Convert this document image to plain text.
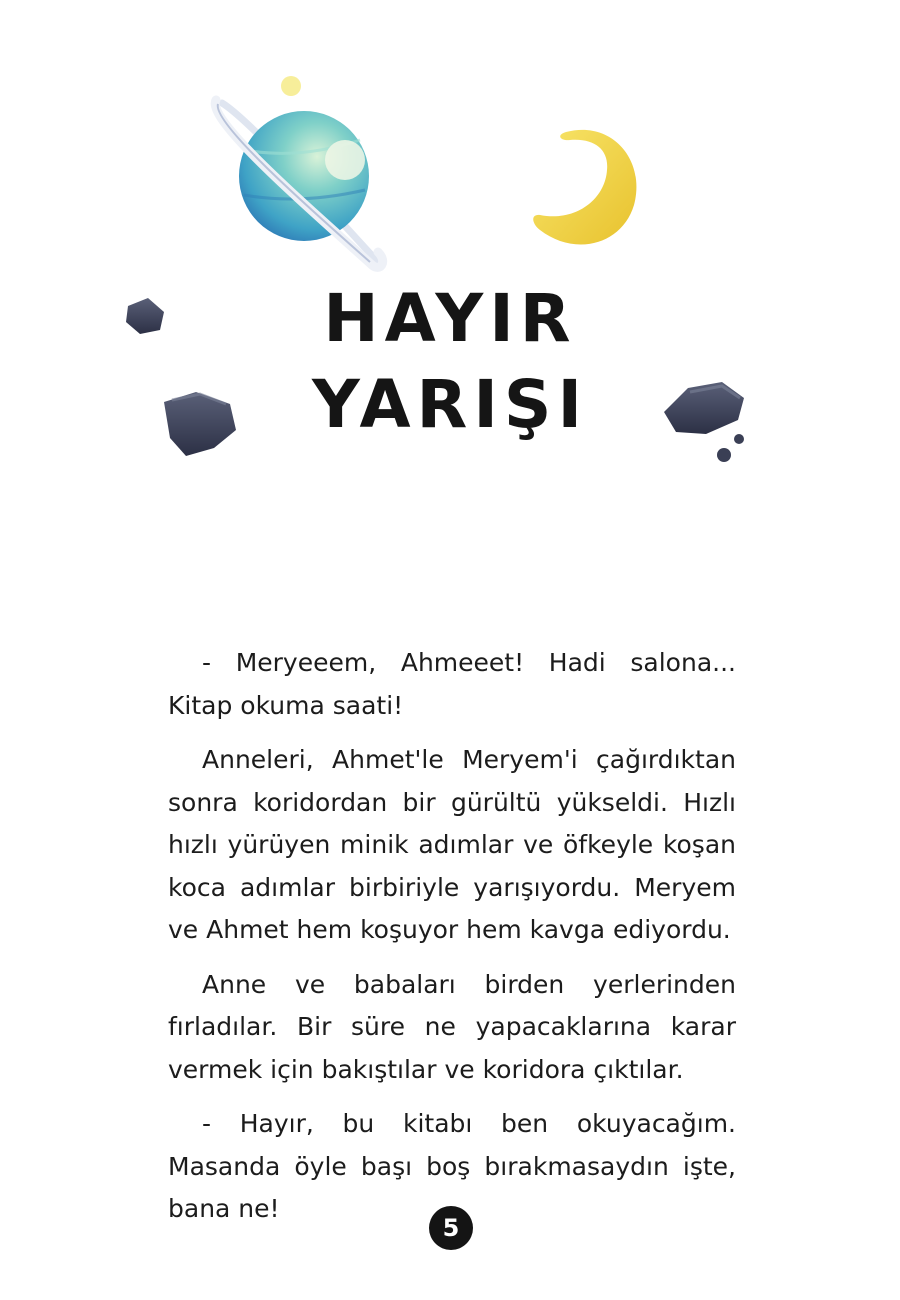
HAYIR
YARIŞI

- Meryeeem, Ahmeeet! Hadi salona... Kitap okuma saati!

Anneleri, Ahmet'le Meryem'i çağırdıktan sonra koridordan bir gürültü yükseldi. Hızlı hızlı yürüyen minik adımlar ve öfkeyle koşan koca adımlar birbiriyle yarışıyordu. Meryem ve Ahmet hem koşuyor hem kavga ediyordu.

Anne ve babaları birden yerlerinden fırladılar. Bir süre ne yapacaklarına karar vermek için bakıştılar ve koridora çıktılar.

- Hayır, bu kitabı ben okuyacağım. Masanda öyle başı boş bırakmasaydın işte, bana ne!

5
